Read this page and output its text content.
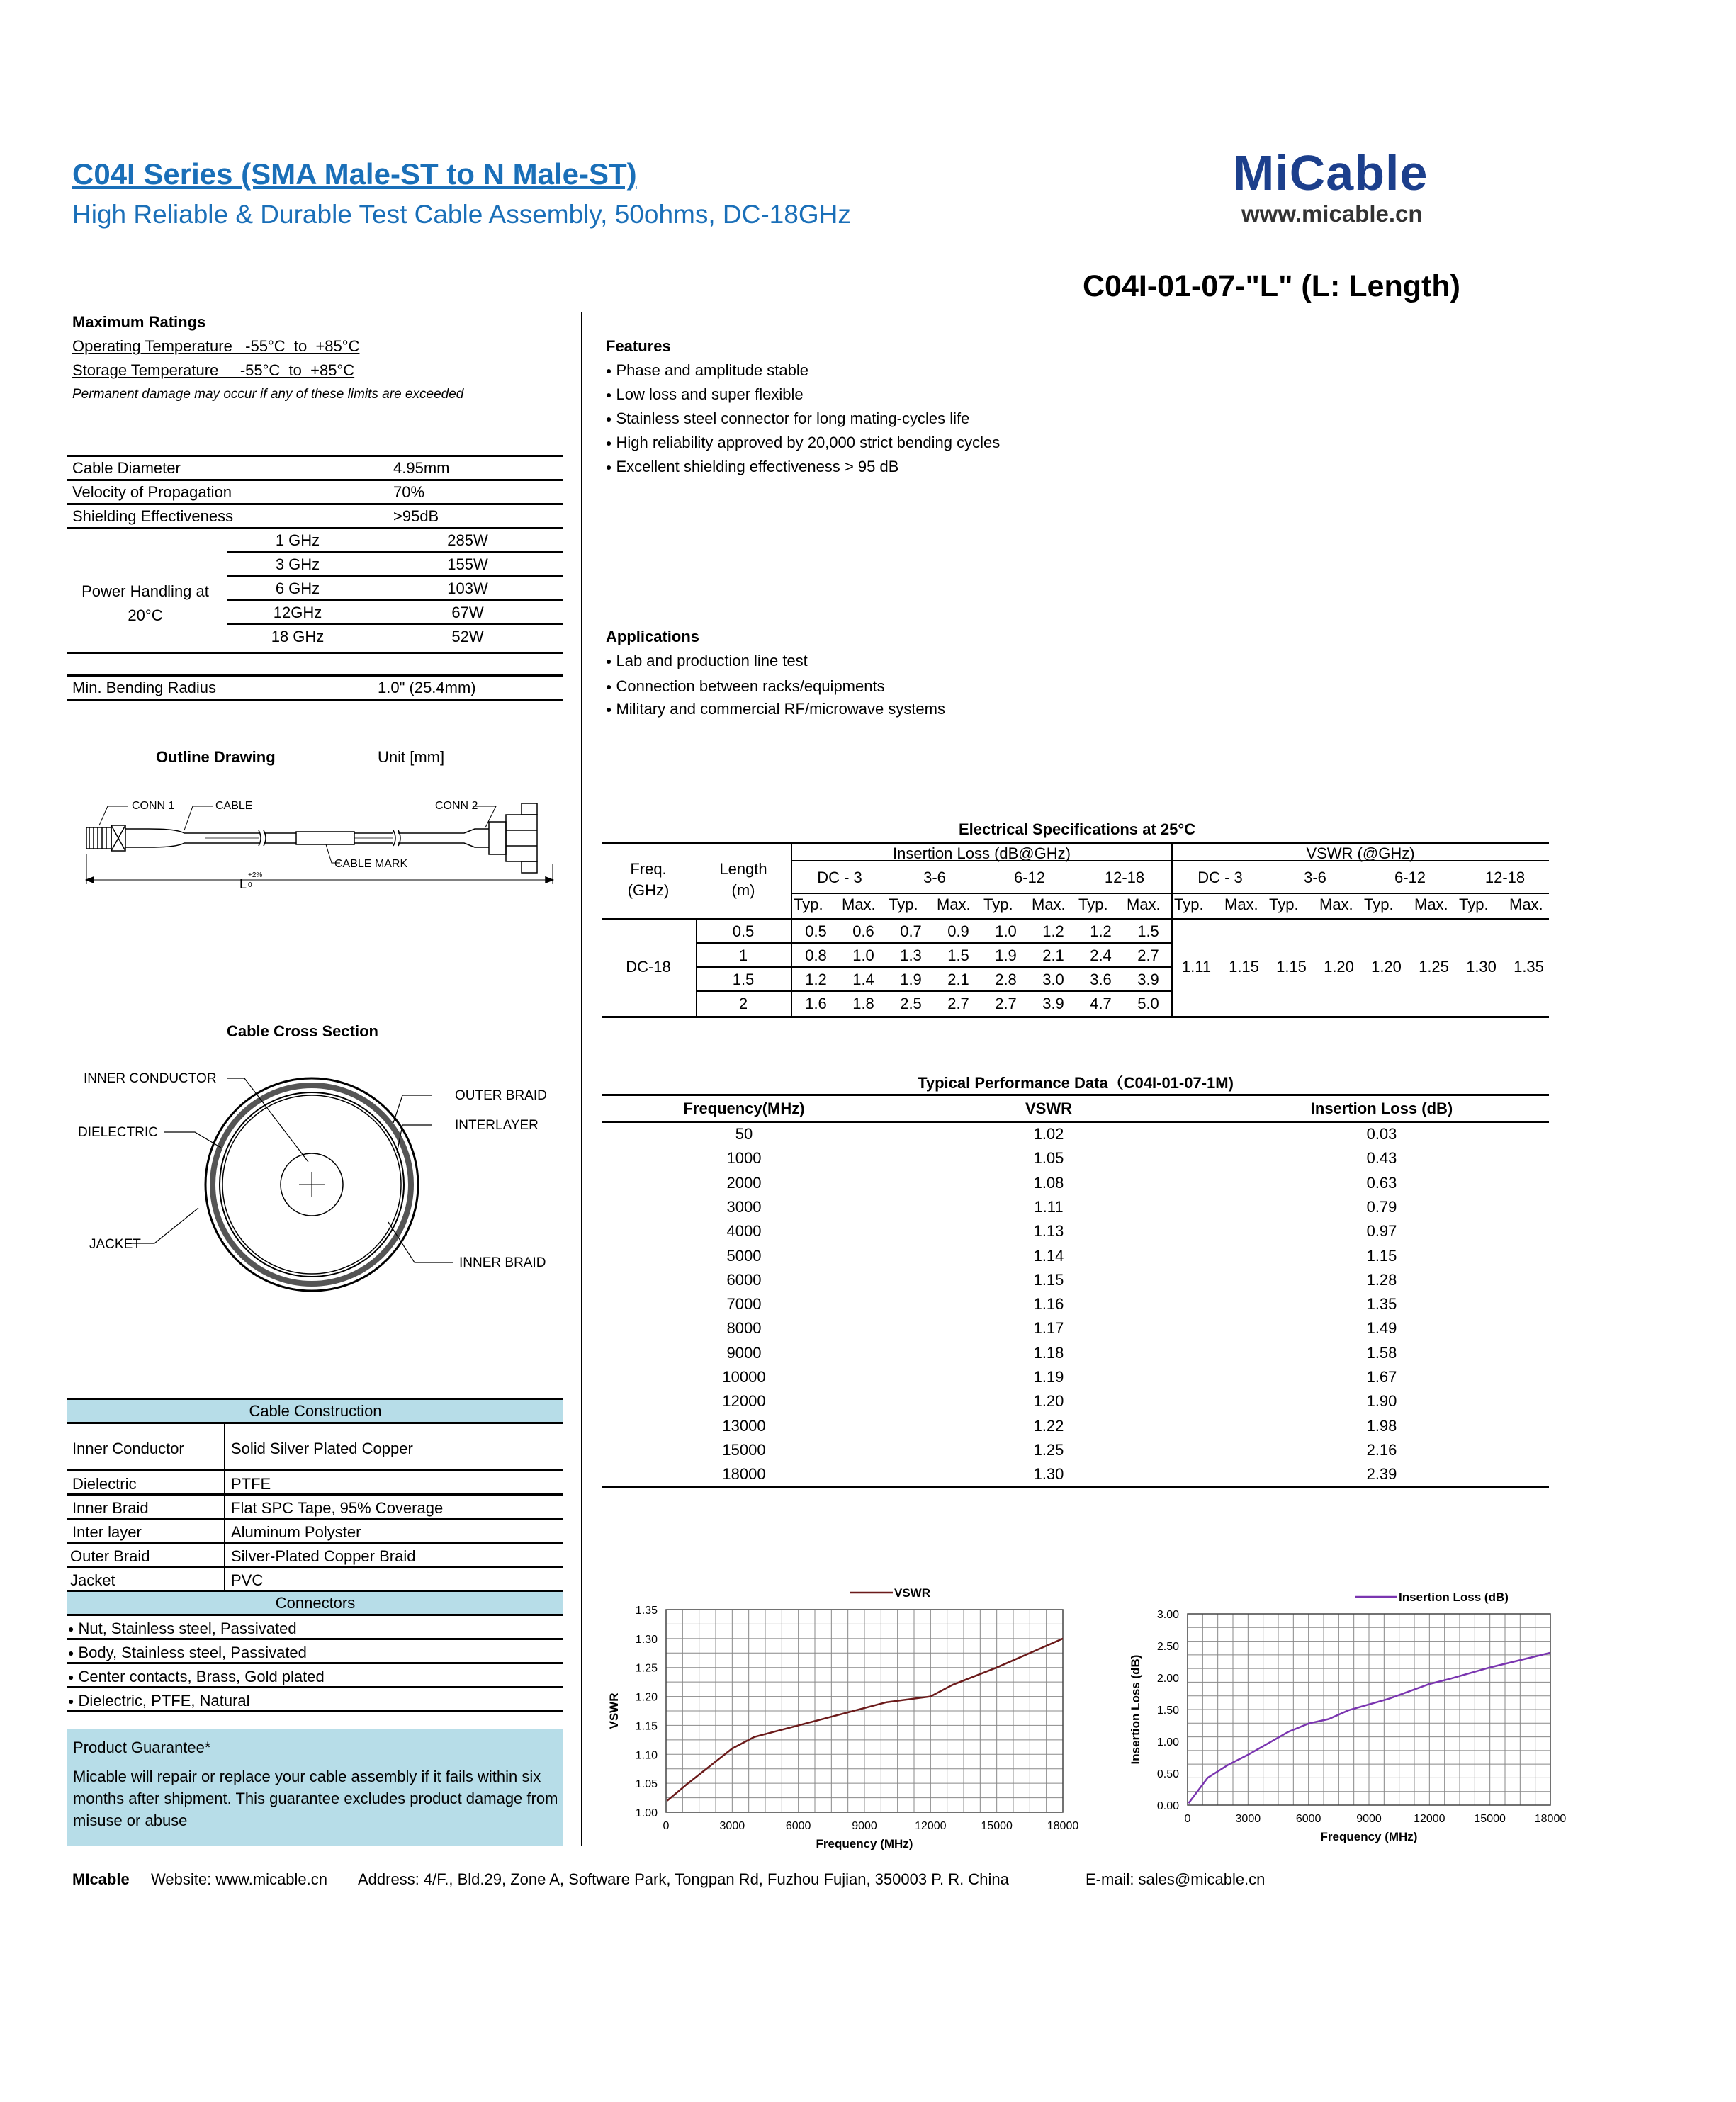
C04I Series (SMA Male-ST to N Male-ST)
High Reliable & Durable Test Cable Assembly, 50ohms, DC-18GHz
MiCable
www.micable.cn
C04I-01-07-"L" (L: Length)
Maximum Ratings
Operating Temperature   -55°C  to  +85°C
Storage Temperature     -55°C  to  +85°C
Permanent damage may occur if any of these limits are exceeded
Cable Diameter	4.95mm
Velocity of Propagation	70%
Shielding Effectiveness	>95dB
Power Handling at
20°C
1 GHz	285W
3 GHz	155W
6 GHz	103W
12GHz	67W
18 GHz	52W
Min. Bending Radius	1.0" (25.4mm)
Features
● Phase and amplitude stable
● Low loss and super flexible
● Stainless steel connector for long mating-cycles life
● High reliability approved by 20,000 strict bending cycles
● Excellent shielding effectiveness > 95 dB
Applications
● Lab and production line test
● Connection between racks/equipments
● Military and commercial RF/microwave systems
Outline Drawing	Unit [mm]
CONN 1	CABLE	CONN 2
CABLE MARK
L
+2%
0
Cable Cross Section
INNER CONDUCTOR
DIELECTRIC
JACKET
OUTER BRAID
INTERLAYER
INNER BRAID
Cable Construction
Inner Conductor	Solid Silver Plated Copper
Dielectric	PTFE
Inner Braid	Flat SPC Tape, 95% Coverage
Inter layer	Aluminum Polyster
Outer Braid	Silver-Plated Copper Braid
Jacket	PVC
Connectors
● Nut, Stainless steel, Passivated
● Body, Stainless steel, Passivated
● Center contacts, Brass, Gold plated
● Dielectric, PTFE, Natural
Product Guarantee*
Micable will repair or replace your cable assembly if it fails within six months after shipment. This guarantee excludes product damage from misuse or abuse
Electrical Specifications at 25°C
Freq.
(GHz)
Length
(m)
Insertion Loss (dB@GHz)	VSWR (@GHz)
DC - 3	3-6	6-12	12-18	DC - 3	3-6	6-12	12-18
Typ. Max. Typ. Max. Typ. Max. Typ. Max. Typ. Max. Typ. Max. Typ. Max. Typ. Max.
DC-18
0.5	0.5	0.6	0.7	0.9	1.0	1.2	1.2	1.5
1	0.8	1.0	1.3	1.5	1.9	2.1	2.4	2.7
1.5	1.2	1.4	1.9	2.1	2.8	3.0	3.6	3.9
2	1.6	1.8	2.5	2.7	2.7	3.9	4.7	5.0
1.11	1.15	1.15	1.20	1.20	1.25	1.30	1.35
Typical Performance Data（C04I-01-07-1M)
Frequency(MHz)	VSWR	Insertion Loss (dB)
50	1.02	0.03
1000	1.05	0.43
2000	1.08	0.63
3000	1.11	0.79
4000	1.13	0.97
5000	1.14	1.15
6000	1.15	1.28
7000	1.16	1.35
8000	1.17	1.49
9000	1.18	1.58
10000	1.19	1.67
12000	1.20	1.90
13000	1.22	1.98
15000	1.25	2.16
18000	1.30	2.39
1.00
1.05
1.10
1.15
1.20
1.25
1.30
1.35
0	3000	6000	9000	12000	15000	18000
Frequency (MHz)
VSWR
VSWR
0.00
0.50
1.00
1.50
2.00
2.50
3.00
0	3000	6000	9000	12000	15000	18000
Frequency (MHz)
Insertion Loss (dB)
Insertion Loss (dB)
MIcable Website: www.micable.cn Address: 4/F., Bld.29, Zone A, Software Park, Tongpan Rd, Fuzhou Fujian, 350003 P. R. China	E-mail: sales@micable.cn
